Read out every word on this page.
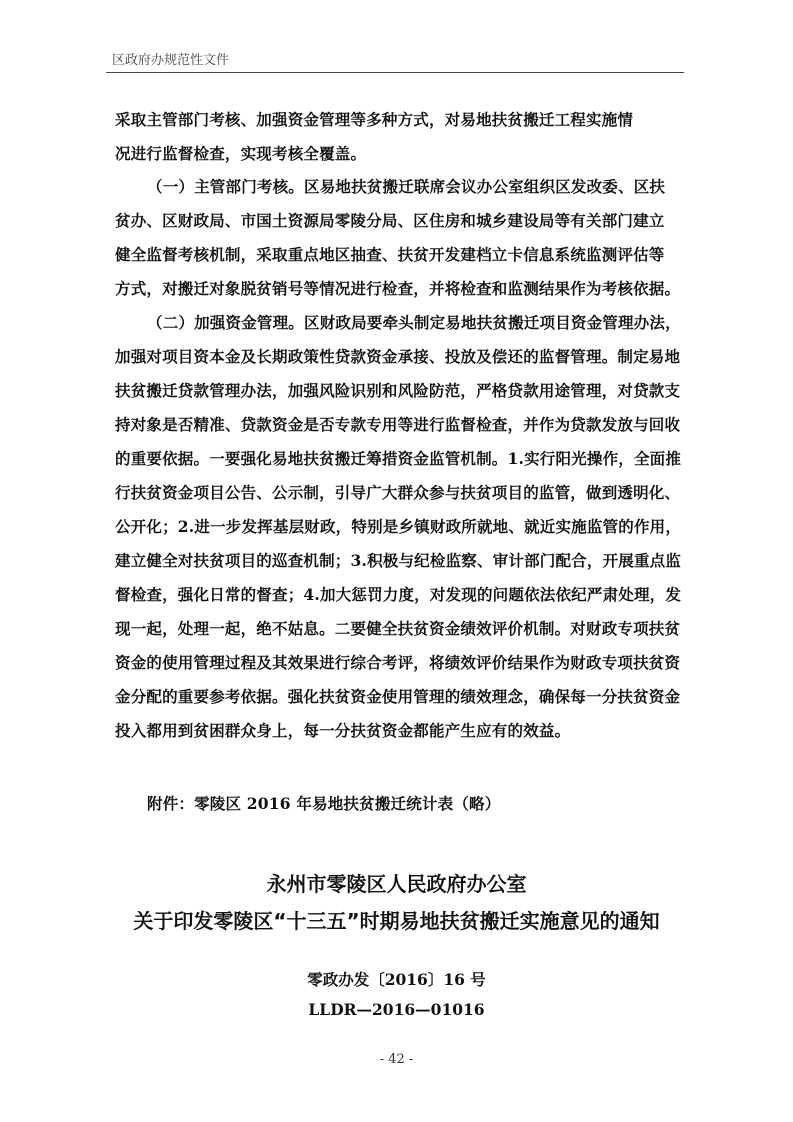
区政府办规范性文件
采取主管部门考核、加强资金管理等多种方式，对易地扶贫搬迁工程实施情
况进行监督检查，实现考核全覆盖。
（一）主管部门考核。区易地扶贫搬迁联席会议办公室组织区发改委、区扶
贫办、区财政局、市国土资源局零陵分局、区住房和城乡建设局等有关部门建立
健全监督考核机制，采取重点地区抽查、扶贫开发建档立卡信息系统监测评估等
方式，对搬迁对象脱贫销号等情况进行检查，并将检查和监测结果作为考核依据。
（二）加强资金管理。区财政局要牵头制定易地扶贫搬迁项目资金管理办法，
加强对项目资本金及长期政策性贷款资金承接、投放及偿还的监督管理。制定易地
扶贫搬迁贷款管理办法，加强风险识别和风险防范，严格贷款用途管理，对贷款支
持对象是否精准、贷款资金是否专款专用等进行监督检查，并作为贷款发放与回收
的重要依据。一要强化易地扶贫搬迁筹措资金监管机制。1.实行阳光操作，全面推
行扶贫资金项目公告、公示制，引导广大群众参与扶贫项目的监管，做到透明化、
公开化；2.进一步发挥基层财政，特别是乡镇财政所就地、就近实施监管的作用，
建立健全对扶贫项目的巡查机制；3.积极与纪检监察、审计部门配合，开展重点监
督检查，强化日常的督查；4.加大惩罚力度，对发现的问题依法依纪严肃处理，发
现一起，处理一起，绝不姑息。二要健全扶贫资金绩效评价机制。对财政专项扶贫
资金的使用管理过程及其效果进行综合考评，将绩效评价结果作为财政专项扶贫资
金分配的重要参考依据。强化扶贫资金使用管理的绩效理念，确保每一分扶贫资金
投入都用到贫困群众身上，每一分扶贫资金都能产生应有的效益。
附件：零陵区 2016 年易地扶贫搬迁统计表（略）
永州市零陵区人民政府办公室
关于印发零陵区“十三五”时期易地扶贫搬迁实施意见的通知
零政办发〔2016〕16 号
LLDR—2016—01016
- 42 -
